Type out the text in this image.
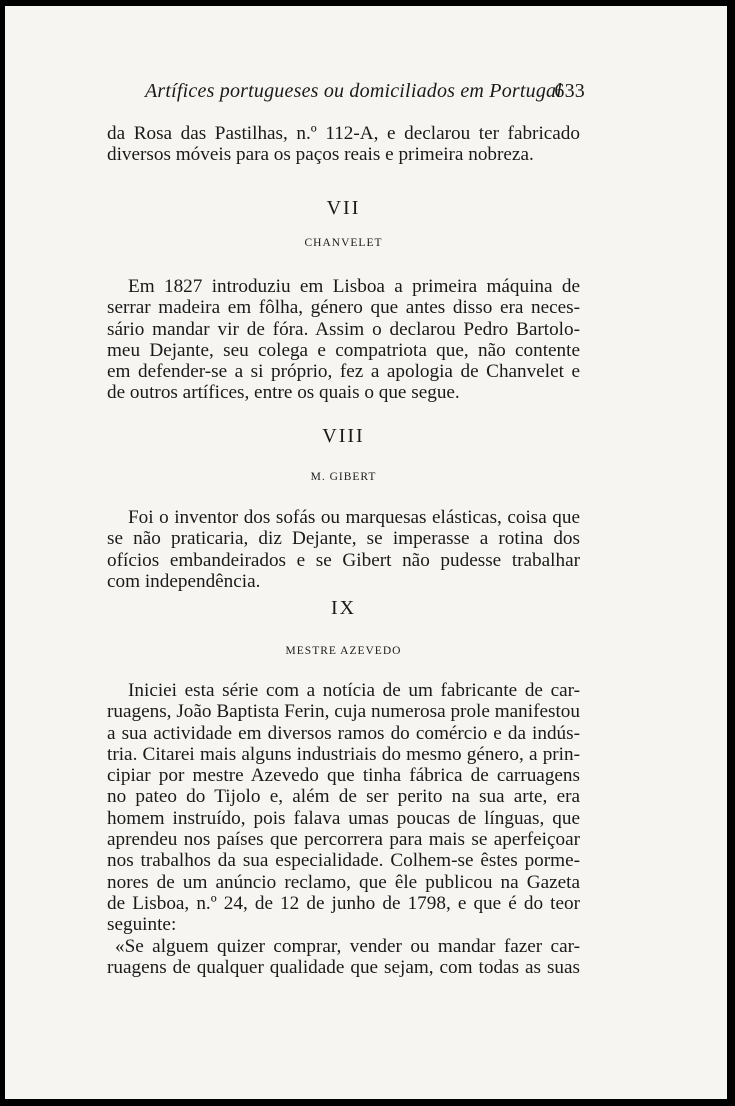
Artífices portugueses ou domiciliados em Portugal
633
da Rosa das Pastilhas, n.º 112-A, e declarou ter fabricado
diversos móveis para os paços reais e primeira nobreza.
VII
CHANVELET
Em 1827 introduziu em Lisboa a primeira máquina de
serrar madeira em fôlha, género que antes disso era neces-
sário mandar vir de fóra. Assim o declarou Pedro Bartolo-
meu Dejante, seu colega e compatriota que, não contente
em defender-se a si próprio, fez a apologia de Chanvelet e
de outros artífices, entre os quais o que segue.
VIII
M. GIBERT
Foi o inventor dos sofás ou marquesas elásticas, coisa que
se não praticaria, diz Dejante, se imperasse a rotina dos
ofícios embandeirados e se Gibert não pudesse trabalhar
com independência.
IX
MESTRE AZEVEDO
Iniciei esta série com a notícia de um fabricante de car-
ruagens, João Baptista Ferin, cuja numerosa prole manifestou
a sua actividade em diversos ramos do comércio e da indús-
tria. Citarei mais alguns industriais do mesmo género, a prin-
cipiar por mestre Azevedo que tinha fábrica de carruagens
no pateo do Tijolo e, além de ser perito na sua arte, era
homem instruído, pois falava umas poucas de línguas, que
aprendeu nos países que percorrera para mais se aperfeiçoar
nos trabalhos da sua especialidade. Colhem-se êstes porme-
nores de um anúncio reclamo, que êle publicou na Gazeta
de Lisboa, n.º 24, de 12 de junho de 1798, e que é do teor
seguinte:
«Se alguem quizer comprar, vender ou mandar fazer car-
ruagens de qualquer qualidade que sejam, com todas as suas
